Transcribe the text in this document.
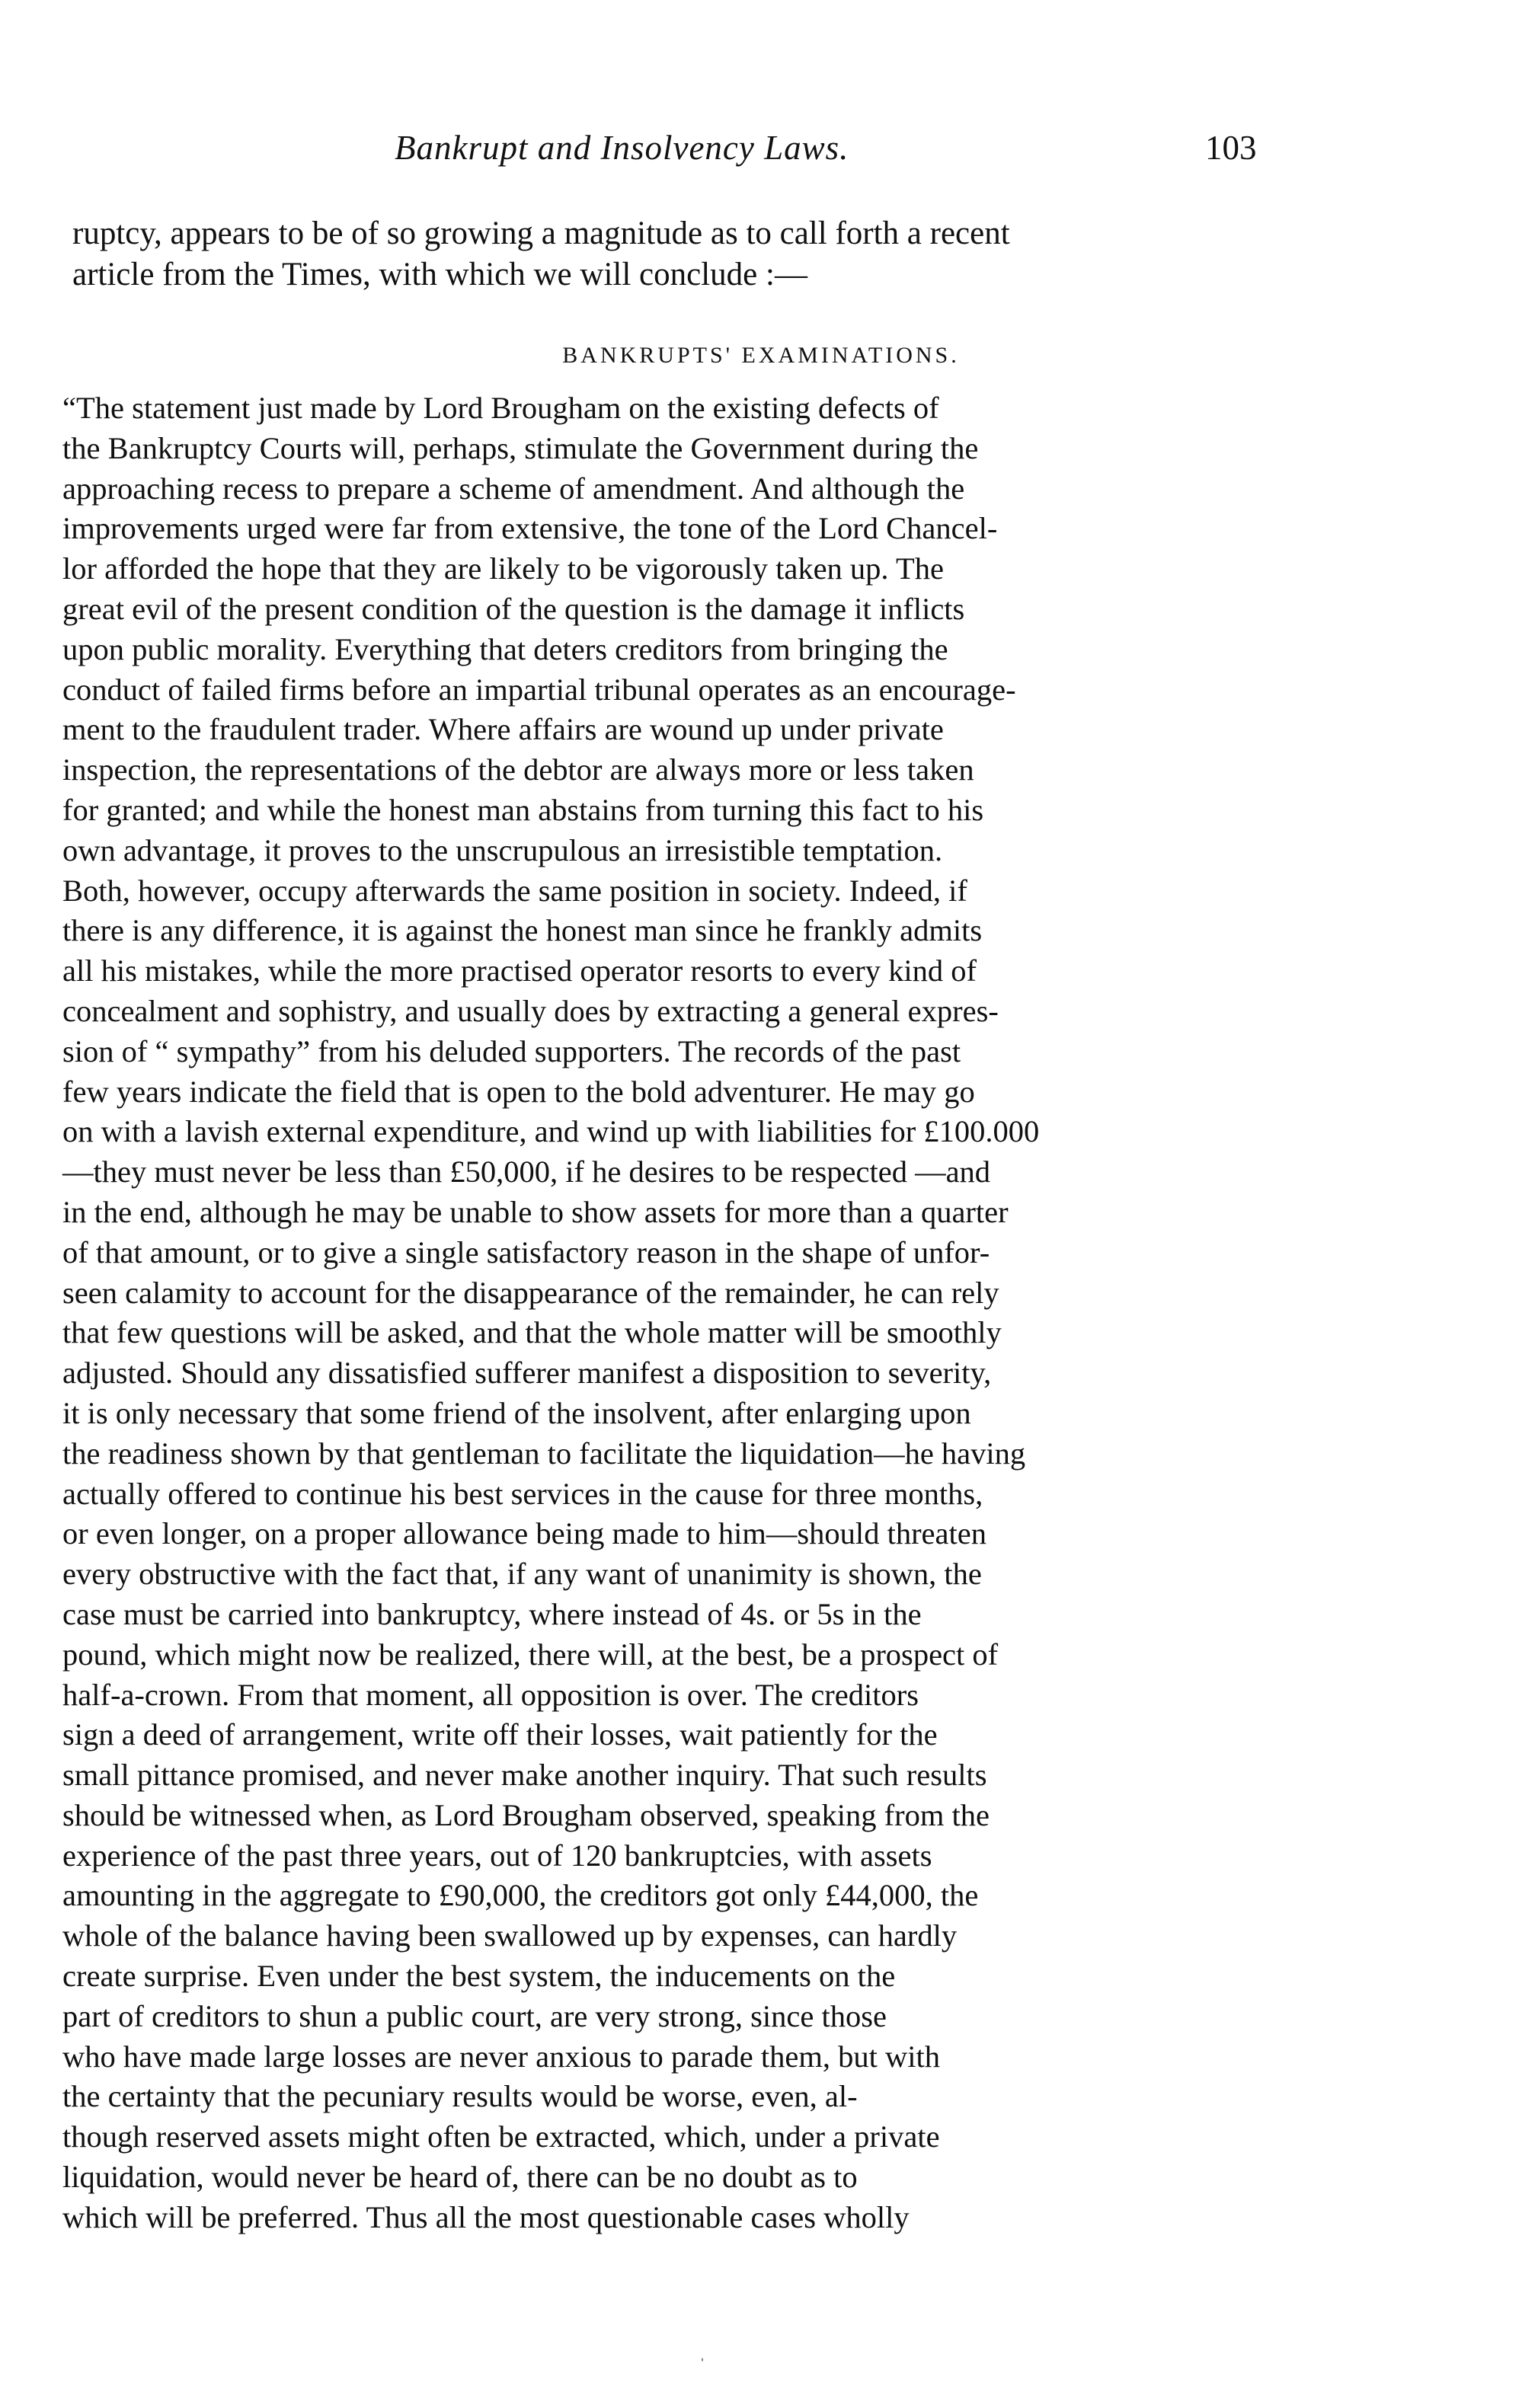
Bankrupt and Insolvency Laws.	103
ruptcy, appears to be of so growing a magnitude as to call forth a recent
article from the Times, with which we will conclude :—
BANKRUPTS' EXAMINATIONS.
“The statement just made by Lord Brougham on the existing defects of
the Bankruptcy Courts will, perhaps, stimulate the Government during the
approaching recess to prepare a scheme of amendment. And although the
improvements urged were far from extensive, the tone of the Lord Chancel-
lor afforded the hope that they are likely to be vigorously taken up. The
great evil of the present condition of the question is the damage it inflicts
upon public morality. Everything that deters creditors from bringing the
conduct of failed firms before an impartial tribunal operates as an encourage-
ment to the fraudulent trader. Where affairs are wound up under private
inspection, the representations of the debtor are always more or less taken
for granted; and while the honest man abstains from turning this fact to his
own advantage, it proves to the unscrupulous an irresistible temptation.
Both, however, occupy afterwards the same position in society. Indeed, if
there is any difference, it is against the honest man since he frankly admits
all his mistakes, while the more practised operator resorts to every kind of
concealment and sophistry, and usually does by extracting a general expres-
sion of “ sympathy” from his deluded supporters. The records of the past
few years indicate the field that is open to the bold adventurer. He may go
on with a lavish external expenditure, and wind up with liabilities for £100.000
—they must never be less than £50,000, if he desires to be respected —and
in the end, although he may be unable to show assets for more than a quarter
of that amount, or to give a single satisfactory reason in the shape of unfor-
seen calamity to account for the disappearance of the remainder, he can rely
that few questions will be asked, and that the whole matter will be smoothly
adjusted. Should any dissatisfied sufferer manifest a disposition to severity,
it is only necessary that some friend of the insolvent, after enlarging upon
the readiness shown by that gentleman to facilitate the liquidation—he having
actually offered to continue his best services in the cause for three months,
or even longer, on a proper allowance being made to him—should threaten
every obstructive with the fact that, if any want of unanimity is shown, the
case must be carried into bankruptcy, where instead of 4s. or 5s in the
pound, which might now be realized, there will, at the best, be a prospect of
half-a-crown. From that moment, all opposition is over. The creditors
sign a deed of arrangement, write off their losses, wait patiently for the
small pittance promised, and never make another inquiry. That such results
should be witnessed when, as Lord Brougham observed, speaking from the
experience of the past three years, out of 120 bankruptcies, with assets
amounting in the aggregate to £90,000, the creditors got only £44,000, the
whole of the balance having been swallowed up by expenses, can hardly
create surprise. Even under the best system, the inducements on the
part of creditors to shun a public court, are very strong, since those
who have made large losses are never anxious to parade them, but with
the certainty that the pecuniary results would be worse, even, al-
though reserved assets might often be extracted, which, under a private
liquidation, would never be heard of, there can be no doubt as to
which will be preferred. Thus all the most questionable cases wholly
ˌ
